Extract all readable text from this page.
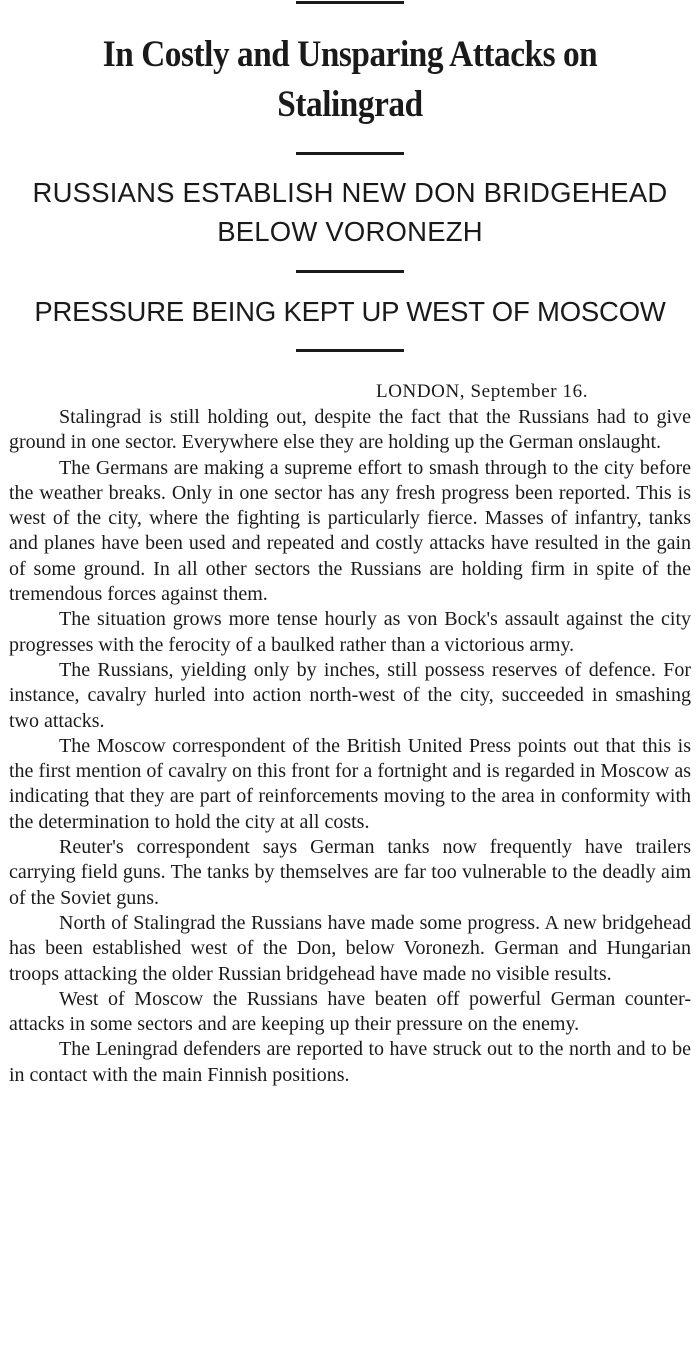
In Costly and Unsparing Attacks on Stalingrad
RUSSIANS ESTABLISH NEW DON BRIDGEHEAD BELOW VORONEZH
PRESSURE BEING KEPT UP WEST OF MOSCOW
LONDON, September 16.

Stalingrad is still holding out, despite the fact that the Russians had to give ground in one sector. Everywhere else they are holding up the German onslaught.

The Germans are making a supreme effort to smash through to the city before the weather breaks. Only in one sector has any fresh progress been reported. This is west of the city, where the fighting is particularly fierce. Masses of infantry, tanks and planes have been used and repeated and costly attacks have resulted in the gain of some ground. In all other sectors the Russians are holding firm in spite of the tremendous forces against them.

The situation grows more tense hourly as von Bock's assault against the city progresses with the ferocity of a baulked rather than a victorious army.

The Russians, yielding only by inches, still possess reserves of defence. For instance, cavalry hurled into action north-west of the city, succeeded in smashing two attacks.

The Moscow correspondent of the British United Press points out that this is the first mention of cavalry on this front for a fortnight and is regarded in Moscow as indicating that they are part of reinforcements moving to the area in conformity with the determination to hold the city at all costs.

Reuter's correspondent says German tanks now frequently have trailers carrying field guns. The tanks by themselves are far too vulnerable to the deadly aim of the Soviet guns.

North of Stalingrad the Russians have made some progress. A new bridgehead has been established west of the Don, below Voronezh. German and Hungarian troops attacking the older Russian bridgehead have made no visible results.

West of Moscow the Russians have beaten off powerful German counter-attacks in some sectors and are keeping up their pressure on the enemy.

The Leningrad defenders are reported to have struck out to the north and to be in contact with the main Finnish positions.
